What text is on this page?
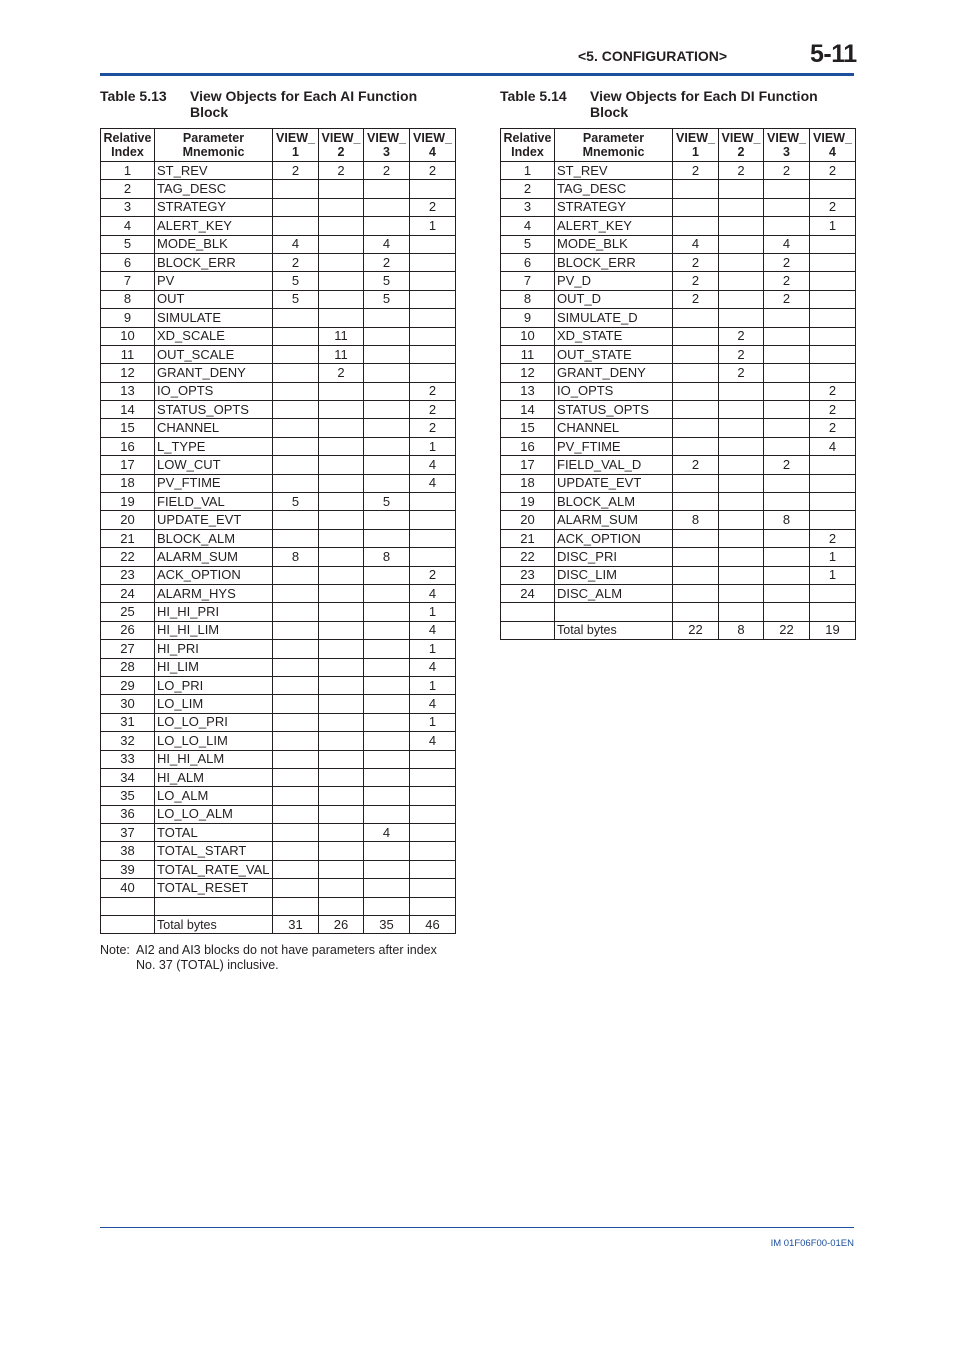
<5. CONFIGURATION>	5-11
Table 5.13 View Objects for Each AI Function Block
Table 5.14 View Objects for Each DI Function Block
Relative Index	Parameter Mnemonic	VIEW_ 1	VIEW_ 2	VIEW_ 3	VIEW_ 4
1	ST_REV	2	2	2	2
2	TAG_DESC				
3	STRATEGY				2
4	ALERT_KEY				1
5	MODE_BLK	4		4	
6	BLOCK_ERR	2		2	
7	PV	5		5	
8	OUT	5		5	
9	SIMULATE				
10	XD_SCALE		11		
11	OUT_SCALE		11		
12	GRANT_DENY		2		
13	IO_OPTS				2
14	STATUS_OPTS				2
15	CHANNEL				2
16	L_TYPE				1
17	LOW_CUT				4
18	PV_FTIME				4
19	FIELD_VAL	5		5	
20	UPDATE_EVT				
21	BLOCK_ALM				
22	ALARM_SUM	8		8	
23	ACK_OPTION				2
24	ALARM_HYS				4
25	HI_HI_PRI				1
26	HI_HI_LIM				4
27	HI_PRI				1
28	HI_LIM				4
29	LO_PRI				1
30	LO_LIM				4
31	LO_LO_PRI				1
32	LO_LO_LIM				4
33	HI_HI_ALM				
34	HI_ALM				
35	LO_ALM				
36	LO_LO_ALM				
37	TOTAL			4	
38	TOTAL_START				
39	TOTAL_RATE_VAL				
40	TOTAL_RESET				

	Total bytes	31	26	35	46
Relative Index	Parameter Mnemonic	VIEW_ 1	VIEW_ 2	VIEW_ 3	VIEW_ 4
1	ST_REV	2	2	2	2
2	TAG_DESC				
3	STRATEGY				2
4	ALERT_KEY				1
5	MODE_BLK	4		4	
6	BLOCK_ERR	2		2	
7	PV_D	2		2	
8	OUT_D	2		2	
9	SIMULATE_D				
10	XD_STATE		2		
11	OUT_STATE		2		
12	GRANT_DENY		2		
13	IO_OPTS				2
14	STATUS_OPTS				2
15	CHANNEL				2
16	PV_FTIME				4
17	FIELD_VAL_D	2		2	
18	UPDATE_EVT				
19	BLOCK_ALM				
20	ALARM_SUM	8		8	
21	ACK_OPTION				2
22	DISC_PRI				1
23	DISC_LIM				1
24	DISC_ALM				

	Total bytes	22	8	22	19
Note: AI2 and AI3 blocks do not have parameters after index No. 37 (TOTAL) inclusive.
IM 01F06F00-01EN
